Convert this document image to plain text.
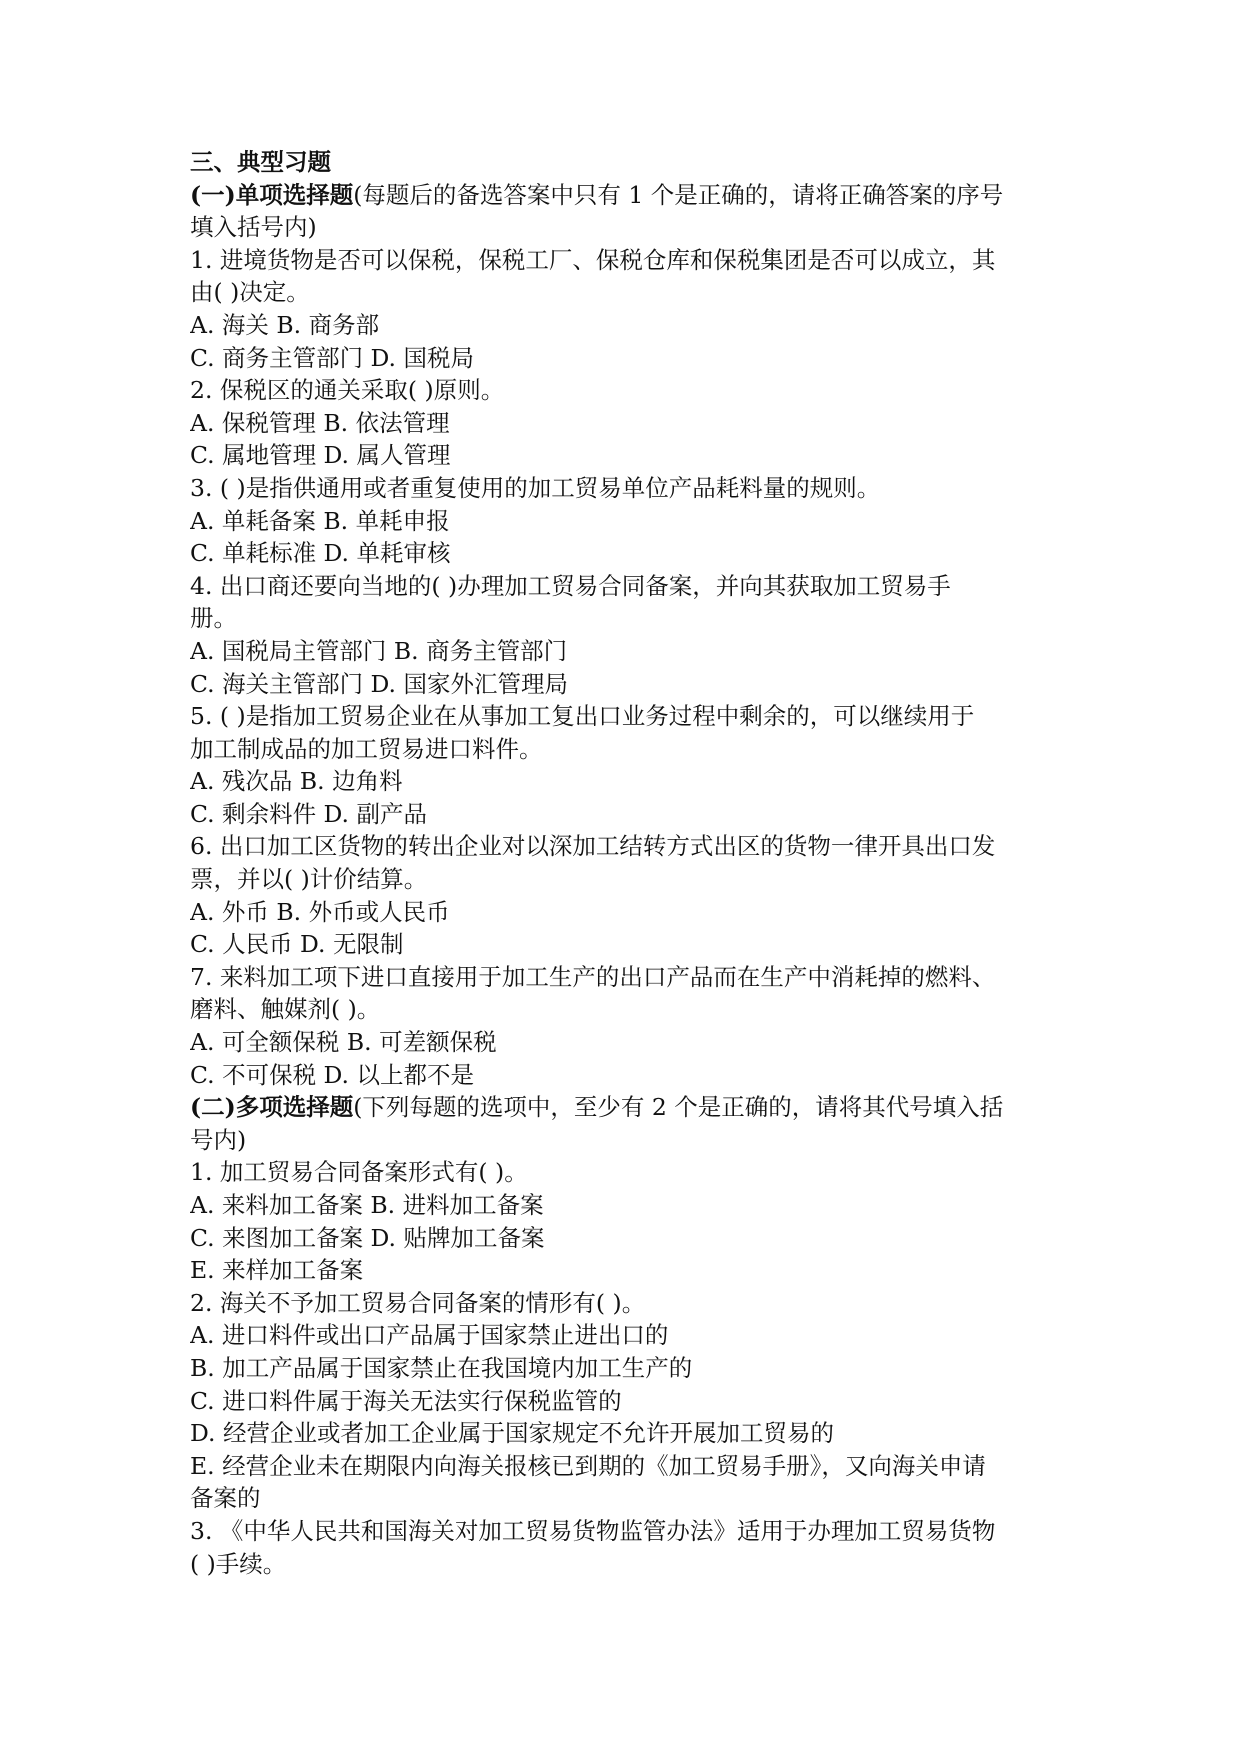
三、典型习题
(一)单项选择题(每题后的备选答案中只有 1 个是正确的，请将正确答案的序号
填入括号内)
1. 进境货物是否可以保税，保税工厂、保税仓库和保税集团是否可以成立，其
由( )决定。
A. 海关 B. 商务部
C. 商务主管部门 D. 国税局
2. 保税区的通关采取( )原则。
A. 保税管理 B. 依法管理
C. 属地管理 D. 属人管理
3. ( )是指供通用或者重复使用的加工贸易单位产品耗料量的规则。
A. 单耗备案 B. 单耗申报
C. 单耗标准 D. 单耗审核
4. 出口商还要向当地的( )办理加工贸易合同备案，并向其获取加工贸易手
册。
A. 国税局主管部门 B. 商务主管部门
C. 海关主管部门 D. 国家外汇管理局
5. ( )是指加工贸易企业在从事加工复出口业务过程中剩余的，可以继续用于
加工制成品的加工贸易进口料件。
A. 残次品 B. 边角料
C. 剩余料件 D. 副产品
6. 出口加工区货物的转出企业对以深加工结转方式出区的货物一律开具出口发
票，并以( )计价结算。
A. 外币 B. 外币或人民币
C. 人民币 D. 无限制
7. 来料加工项下进口直接用于加工生产的出口产品而在生产中消耗掉的燃料、
磨料、触媒剂( )。
A. 可全额保税 B. 可差额保税
C. 不可保税 D. 以上都不是
(二)多项选择题(下列每题的选项中，至少有 2 个是正确的，请将其代号填入括
号内)
1. 加工贸易合同备案形式有( )。
A. 来料加工备案 B. 进料加工备案
C. 来图加工备案 D. 贴牌加工备案
E. 来样加工备案
2. 海关不予加工贸易合同备案的情形有( )。
A. 进口料件或出口产品属于国家禁止进出口的
B. 加工产品属于国家禁止在我国境内加工生产的
C. 进口料件属于海关无法实行保税监管的
D. 经营企业或者加工企业属于国家规定不允许开展加工贸易的
E. 经营企业未在期限内向海关报核已到期的《加工贸易手册》，又向海关申请
备案的
3. 《中华人民共和国海关对加工贸易货物监管办法》适用于办理加工贸易货物
( )手续。
